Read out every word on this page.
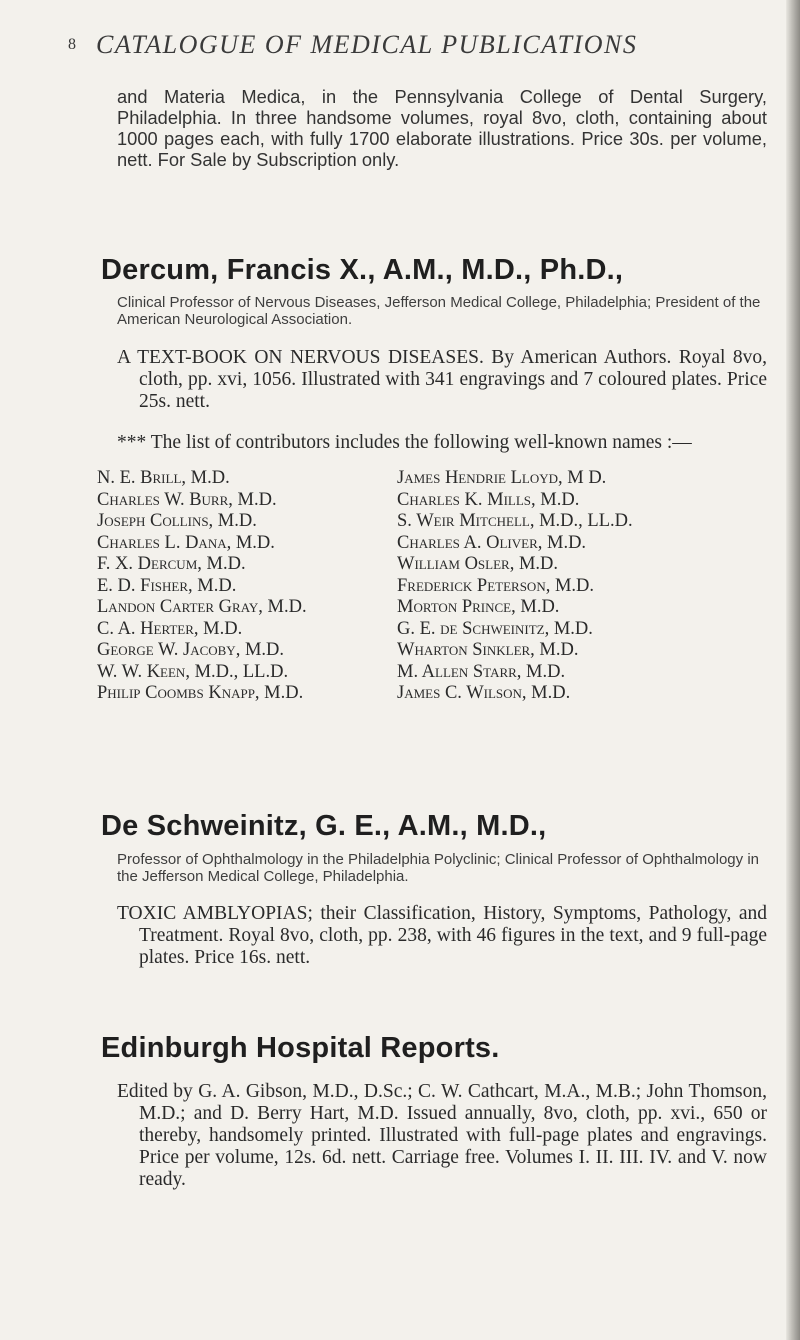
8 CATALOGUE OF MEDICAL PUBLICATIONS

and Materia Medica, in the Pennsylvania College of Dental Surgery, Philadelphia. In three handsome volumes, royal 8vo, cloth, containing about 1000 pages each, with fully 1700 elaborate illustrations. Price 30s. per volume, nett. For Sale by Subscription only.

Dercum, Francis X., A.M., M.D., Ph.D.,

Clinical Professor of Nervous Diseases, Jefferson Medical College, Philadelphia; President of the American Neurological Association.

A TEXT-BOOK ON NERVOUS DISEASES. By American Authors. Royal 8vo, cloth, pp. xvi, 1056. Illustrated with 341 engravings and 7 coloured plates. Price 25s. nett.

*** The list of contributors includes the following well-known names :—

N. E. Brill, M.D.
Charles W. Burr, M.D.
Joseph Collins, M.D.
Charles L. Dana, M.D.
F. X. Dercum, M.D.
E. D. Fisher, M.D.
Landon Carter Gray, M.D.
C. A. Herter, M.D.
George W. Jacoby, M.D.
W. W. Keen, M.D., LL.D.
Philip Coombs Knapp, M.D.
James Hendrie Lloyd, M D.
Charles K. Mills, M.D.
S. Weir Mitchell, M.D., LL.D.
Charles A. Oliver, M.D.
William Osler, M.D.
Frederick Peterson, M.D.
Morton Prince, M.D.
G. E. de Schweinitz, M.D.
Wharton Sinkler, M.D.
M. Allen Starr, M.D.
James C. Wilson, M.D.

De Schweinitz, G. E., A.M., M.D.,

Professor of Ophthalmology in the Philadelphia Polyclinic; Clinical Professor of Ophthalmology in the Jefferson Medical College, Philadelphia.

TOXIC AMBLYOPIAS; their Classification, History, Symptoms, Pathology, and Treatment. Royal 8vo, cloth, pp. 238, with 46 figures in the text, and 9 full-page plates. Price 16s. nett.

Edinburgh Hospital Reports.

Edited by G. A. Gibson, M.D., D.Sc.; C. W. Cathcart, M.A., M.B.; John Thomson, M.D.; and D. Berry Hart, M.D. Issued annually, 8vo, cloth, pp. xvi., 650 or thereby, handsomely printed. Illustrated with full-page plates and engravings. Price per volume, 12s. 6d. nett. Carriage free. Volumes I. II. III. IV. and V. now ready.
